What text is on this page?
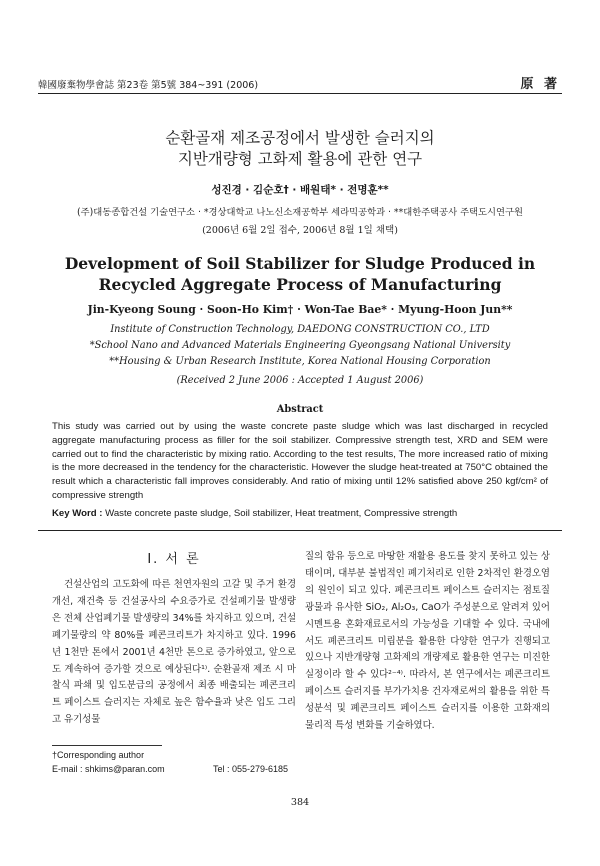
韓國廢棄物學會誌 第23卷 第5號 384~391 (2006)	原 著
순환골재 제조공정에서 발생한 슬러지의
지반개량형 고화제 활용에 관한 연구
성진경 · 김순호† · 배원태* · 전명훈**
(주)대동종합건설 기술연구소 · *경상대학교 나노신소재공학부 세라믹공학과 · **대한주택공사 주택도시연구원
(2006년 6월 2일 접수, 2006년 8월 1일 채택)
Development of Soil Stabilizer for Sludge Produced in
Recycled Aggregate Process of Manufacturing
Jin-Kyeong Soung · Soon-Ho Kim† · Won-Tae Bae* · Myung-Hoon Jun**
Institute of Construction Technology, DAEDONG CONSTRUCTION CO., LTD
*School Nano and Advanced Materials Engineering Gyeongsang National University
**Housing & Urban Research Institute, Korea National Housing Corporation
(Received 2 June 2006 : Accepted 1 August 2006)
Abstract
This study was carried out by using the waste concrete paste sludge which was last discharged in recycled aggregate manufacturing process as filler for the soil stabilizer. Compressive strength test, XRD and SEM were carried out to find the characteristic by mixing ratio. According to the test results, The more increased ratio of mixing is the more decreased in the tendency for the characteristic. However the sludge heat-treated at 750°C obtained the result which a characteristic fall improves considerably. And ratio of mixing until 12% satisfied above 250 kgf/cm² of compressive strength
Key Word : Waste concrete paste sludge, Soil stabilizer, Heat treatment, Compressive strength
I. 서 론
건설산업의 고도화에 따른 천연자원의 고갈 및 주거 환경개선, 재건축 등 건설공사의 수요증가로 건설폐기물 발생량은 전체 산업폐기물 발생량의 34%를 차지하고 있으며, 건설폐기물량의 약 80%를 폐콘크리트가 차지하고 있다. 1996년 1천만 톤에서 2001년 4천만 톤으로 증가하였고, 앞으로도 계속하여 증가할 것으로 예상된다¹⁾. 순환골재 제조 시 마찰식 파쇄 및 입도분급의 공정에서 최종 배출되는 폐콘크리트 페이스트 슬러지는 자체로 높은 함수율과 낮은 입도 그리고 유기성물
질의 함유 등으로 마땅한 재활용 용도를 찾지 못하고 있는 상태이며, 대부분 불법적인 폐기처리로 인한 2차적인 환경오염의 원인이 되고 있다. 폐콘크리트 페이스트 슬러지는 점토질 광물과 유사한 SiO₂, Al₂O₃, CaO가 주성분으로 알려져 있어 시멘트용 혼화재료로서의 가능성을 기대할 수 있다. 국내에서도 폐콘크리트 미립분을 활용한 다양한 연구가 진행되고 있으나 지반개량형 고화제의 개량제로 활용한 연구는 미진한 실정이라 할 수 있다²⁻⁴⁾. 따라서, 본 연구에서는 폐콘크리트 페이스트 슬러지를 부가가치용 건자재로써의 활용을 위한 특성분석 및 폐콘크리트 페이스트 슬러지를 이용한 고화재의 물리적 특성 변화를 기술하였다.
†Corresponding author
E-mail : shkims@paran.com	Tel : 055-279-6185
384
